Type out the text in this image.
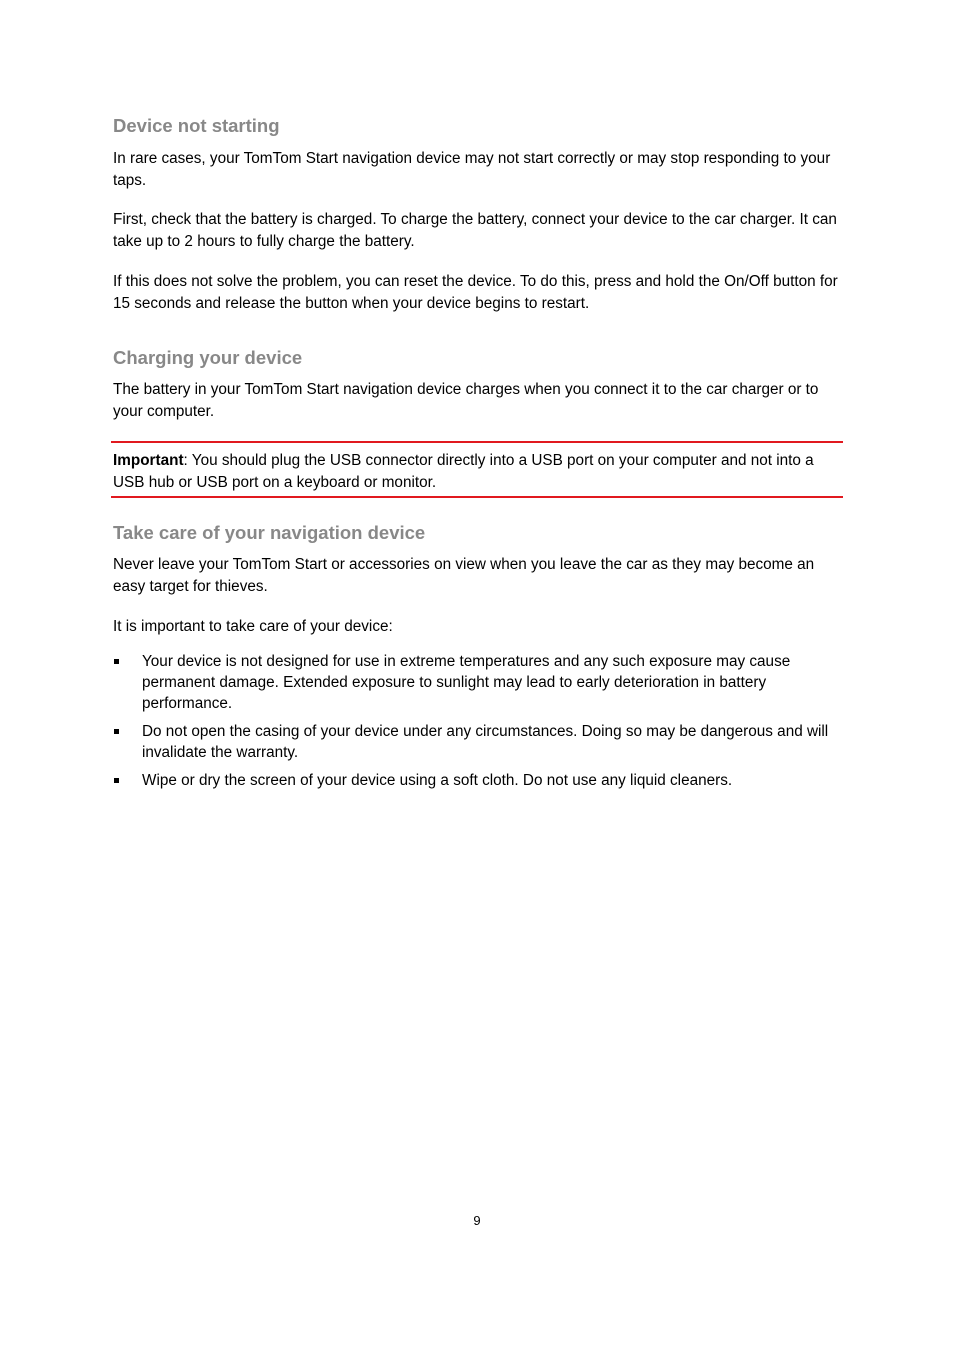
Device not starting

In rare cases, your TomTom Start navigation device may not start correctly or may stop responding to your taps.

First, check that the battery is charged. To charge the battery, connect your device to the car charger. It can take up to 2 hours to fully charge the battery.

If this does not solve the problem, you can reset the device. To do this, press and hold the On/Off button for 15 seconds and release the button when your device begins to restart.

Charging your device

The battery in your TomTom Start navigation device charges when you connect it to the car charger or to your computer.

Important: You should plug the USB connector directly into a USB port on your computer and not into a USB hub or USB port on a keyboard or monitor.

Take care of your navigation device

Never leave your TomTom Start or accessories on view when you leave the car as they may become an easy target for thieves.

It is important to take care of your device:

Your device is not designed for use in extreme temperatures and any such exposure may cause permanent damage. Extended exposure to sunlight may lead to early deterioration in battery performance.
Do not open the casing of your device under any circumstances. Doing so may be dangerous and will invalidate the warranty.
Wipe or dry the screen of your device using a soft cloth. Do not use any liquid cleaners.
9
